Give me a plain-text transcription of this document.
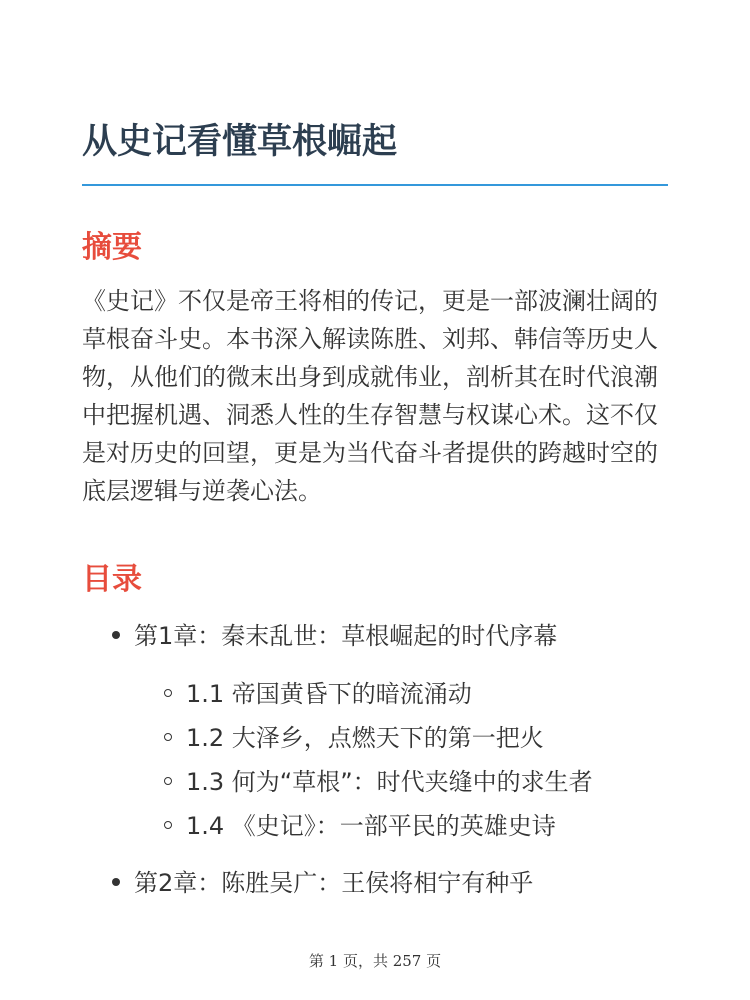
从史记看懂草根崛起
摘要

《史记》不仅是帝王将相的传记，更是一部波澜壮阔的草根奋斗史。本书深入解读陈胜、刘邦、韩信等历史人物，从他们的微末出身到成就伟业，剖析其在时代浪潮中把握机遇、洞悉人性的生存智慧与权谋心术。这不仅是对历史的回望，更是为当代奋斗者提供的跨越时空的底层逻辑与逆袭心法。

目录
第1章：秦末乱世：草根崛起的时代序幕
1.1 帝国黄昏下的暗流涌动
1.2 大泽乡，点燃天下的第一把火
1.3 何为“草根”：时代夹缝中的求生者
1.4 《史记》：一部平民的英雄史诗
第2章：陈胜吴广：王侯将相宁有种乎
第 1 页，共 257 页
